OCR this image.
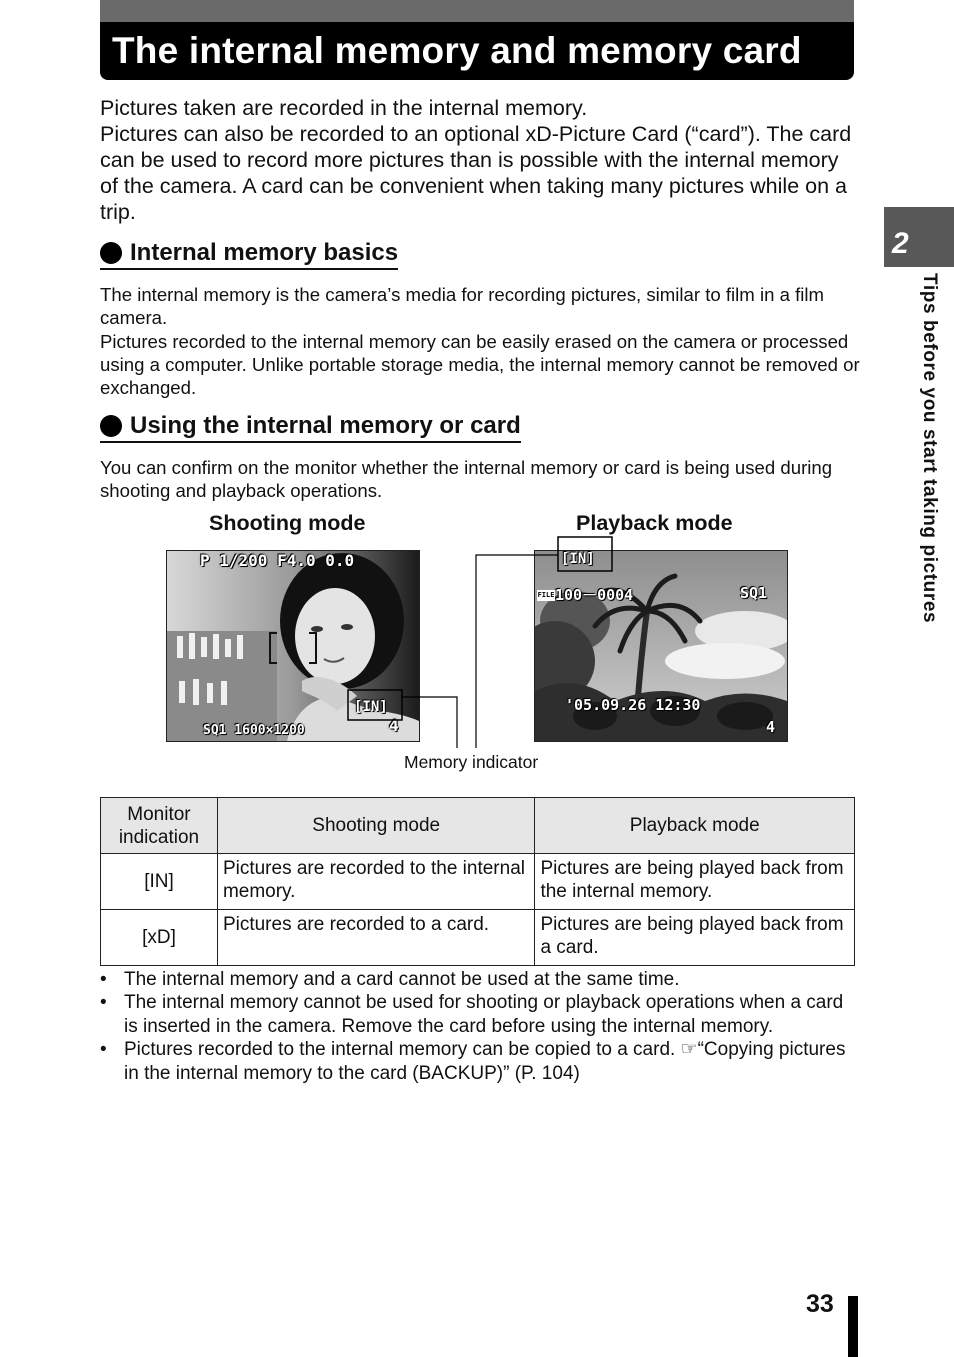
The internal memory and memory card

Pictures taken are recorded in the internal memory.

Pictures can also be recorded to an optional xD-Picture Card (“card”). The card can be used to record more pictures than is possible with the internal memory of the camera. A card can be convenient when taking many pictures while on a trip.

Internal memory basics

The internal memory is the camera’s media for recording pictures, similar to film in a film camera.

Pictures recorded to the internal memory can be easily erased on the camera or processed using a computer. Unlike portable storage media, the internal memory cannot be removed or exchanged.

Using the internal memory or card

You can confirm on the monitor whether the internal memory or card is being used during shooting and playback operations.

Shooting mode	Playback mode
P 1/200 F4.0 0.0
[IN]
SQ1 1600×1200	4
[IN]
FILE100－0004	SQ1
'05.09.26 12:30
4
Memory indicator
Monitor indication	Shooting mode	Playback mode
[IN]	Pictures are recorded to the internal memory.	Pictures are being played back from the internal memory.
[xD]	Pictures are recorded to a card.	Pictures are being played back from a card.
• The internal memory and a card cannot be used at the same time.
• The internal memory cannot be used for shooting or playback operations when a card is inserted in the camera. Remove the card before using the internal memory.
• Pictures recorded to the internal memory can be copied to a card. ☞“Copying pictures in the internal memory to the card (BACKUP)” (P. 104)
2
Tips before you start taking pictures
33
